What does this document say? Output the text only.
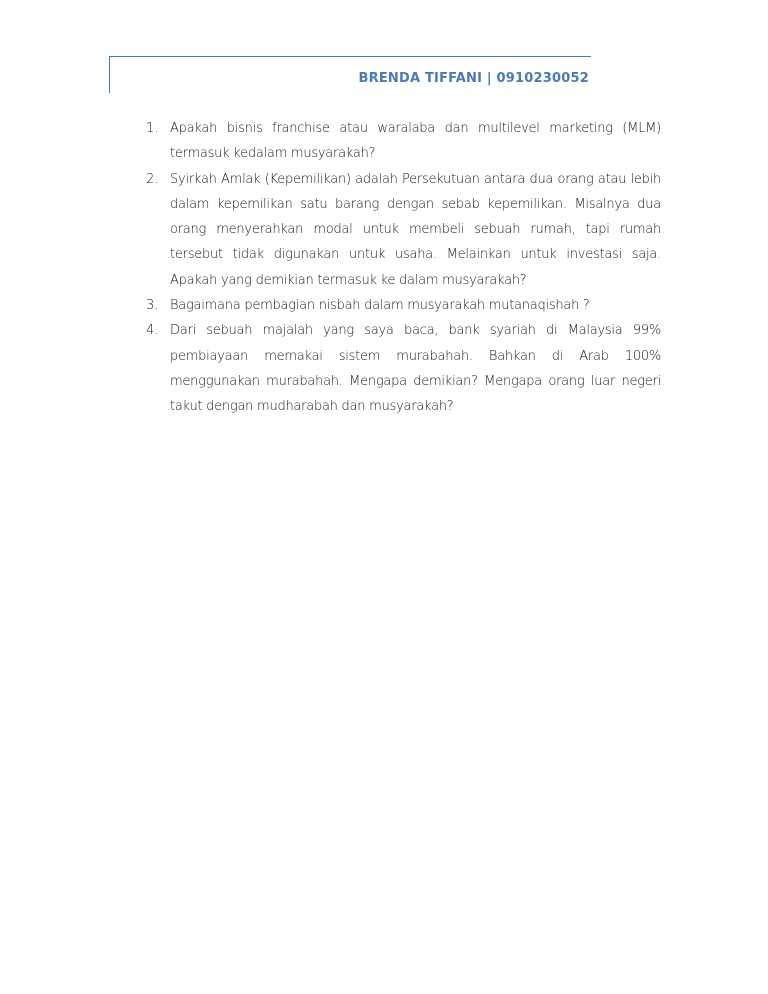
BRENDA TIFFANI | 0910230052
1. Apakah bisnis franchise atau waralaba dan multilevel marketing (MLM) termasuk kedalam musyarakah?
2. Syirkah Amlak (Kepemilikan) adalah Persekutuan antara dua orang atau lebih dalam kepemilikan satu barang dengan sebab kepemilikan. Misalnya dua orang menyerahkan modal untuk membeli sebuah rumah, tapi rumah tersebut tidak digunakan untuk usaha. Melainkan untuk investasi saja. Apakah yang demikian termasuk ke dalam musyarakah?
3. Bagaimana pembagian nisbah dalam musyarakah mutanaqishah ?
4. Dari sebuah majalah yang saya baca, bank syariah di Malaysia 99% pembiayaan memakai sistem murabahah. Bahkan di Arab 100% menggunakan murabahah. Mengapa demikian? Mengapa orang luar negeri takut dengan mudharabah dan musyarakah?
